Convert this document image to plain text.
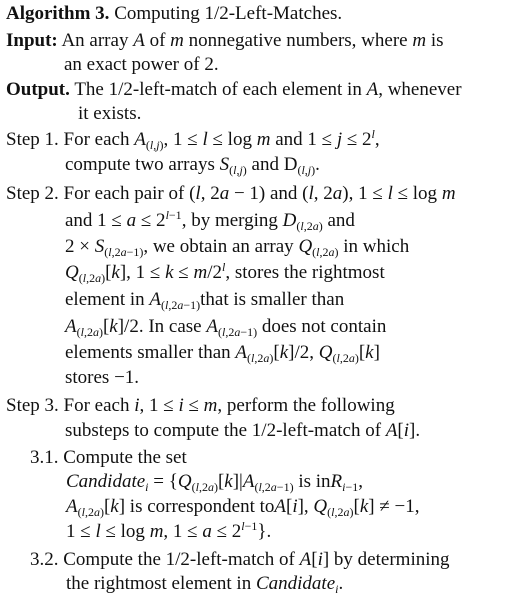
Algorithm 3. Computing 1/2-Left-Matches.
Input: An array A of m nonnegative numbers, where m is
an exact power of 2.
Output. The 1/2-left-match of each element in A, whenever
it exists.
Step 1. For each $A_{(l,j)}$, 1 ≤ l ≤ log m and $1 \le j \le 2^l$,
compute two arrays $S_{(l,j)}$ and $D_{(l,j)}$.
Step 2. For each pair of (l, 2a − 1) and (l, 2a), 1 ≤ l ≤ log m
and $1 \le a \le 2^{l-1}$, by merging $D_{(l,2a)}$ and
$2 \times S_{(l,2a-1)}$, we obtain an array $Q_{(l,2a)}$ in which
$Q_{(l,2a)}[k]$, $1 \le k \le m/2^l$, stores the rightmost
element in $A_{(l,2a-1)}that$ is smaller than
$A_{(l,2a)}[k]/2$. In case $A_{(l,2a-1)}$ does not contain
elements smaller than $A_{(l,2a)}[k]/2$, $Q_{(l,2a)}[k]$
stores −1.
Step 3. For each i, 1 ≤ i ≤ m, perform the following
substeps to compute the 1/2-left-match of A[i].
3.1. Compute the set
Candidate$_i$ = {$Q_{(l,2a)}[k]|A_{(l,2a-1)}$ is inR$_{i-1}$,
$A_{(l,2a)}[k]$ is correspondent toA[i], $Q_{(l,2a)}[k] \ne -1$,
1 ≤ l ≤ log m, $1 \le a \le 2^{l-1}$}.
3.2. Compute the 1/2-left-match of A[i] by determining
the rightmost element in Candidate$_i$.
